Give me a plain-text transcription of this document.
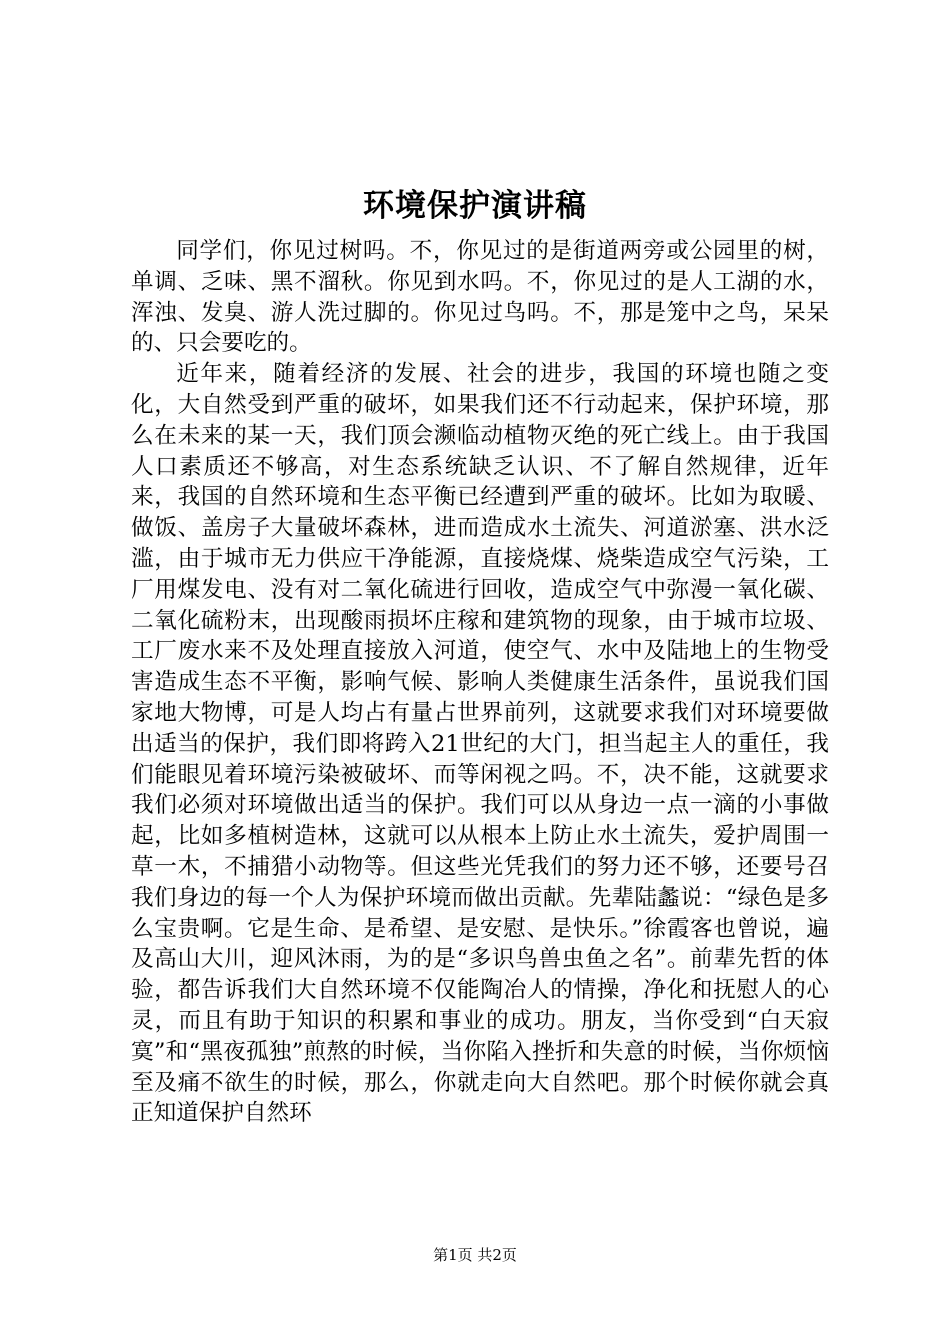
环境保护演讲稿

同学们，你见过树吗。不，你见过的是街道两旁或公园里的树，单调、乏味、黑不溜秋。你见到水吗。不，你见过的是人工湖的水，浑浊、发臭、游人洗过脚的。你见过鸟吗。不，那是笼中之鸟，呆呆的、只会要吃的。

近年来，随着经济的发展、社会的进步，我国的环境也随之变化，大自然受到严重的破坏，如果我们还不行动起来，保护环境，那么在未来的某一天，我们顶会濒临动植物灭绝的死亡线上。由于我国人口素质还不够高，对生态系统缺乏认识、不了解自然规律，近年来，我国的自然环境和生态平衡已经遭到严重的破坏。比如为取暖、做饭、盖房子大量破坏森林，进而造成水土流失、河道淤塞、洪水泛滥，由于城市无力供应干净能源，直接烧煤、烧柴造成空气污染，工厂用煤发电、没有对二氧化硫进行回收，造成空气中弥漫一氧化碳、二氧化硫粉末，出现酸雨损坏庄稼和建筑物的现象，由于城市垃圾、工厂废水来不及处理直接放入河道，使空气、水中及陆地上的生物受害造成生态不平衡，影响气候、影响人类健康生活条件，虽说我们国家地大物博，可是人均占有量占世界前列，这就要求我们对环境要做出适当的保护，我们即将跨入21世纪的大门，担当起主人的重任，我们能眼见着环境污染被破坏、而等闲视之吗。不，决不能，这就要求我们必须对环境做出适当的保护。我们可以从身边一点一滴的小事做起，比如多植树造林，这就可以从根本上防止水土流失，爱护周围一草一木，不捕猎小动物等。但这些光凭我们的努力还不够，还要号召我们身边的每一个人为保护环境而做出贡献。先辈陆蠡说：“绿色是多么宝贵啊。它是生命、是希望、是安慰、是快乐。”徐霞客也曾说，遍及高山大川，迎风沐雨，为的是“多识鸟兽虫鱼之名”。前辈先哲的体验，都告诉我们大自然环境不仅能陶冶人的情操，净化和抚慰人的心灵，而且有助于知识的积累和事业的成功。朋友，当你受到“白天寂寞”和“黑夜孤独”煎熬的时候，当你陷入挫折和失意的时候，当你烦恼至及痛不欲生的时候，那么，你就走向大自然吧。那个时候你就会真正知道保护自然环

第1页 共2页
